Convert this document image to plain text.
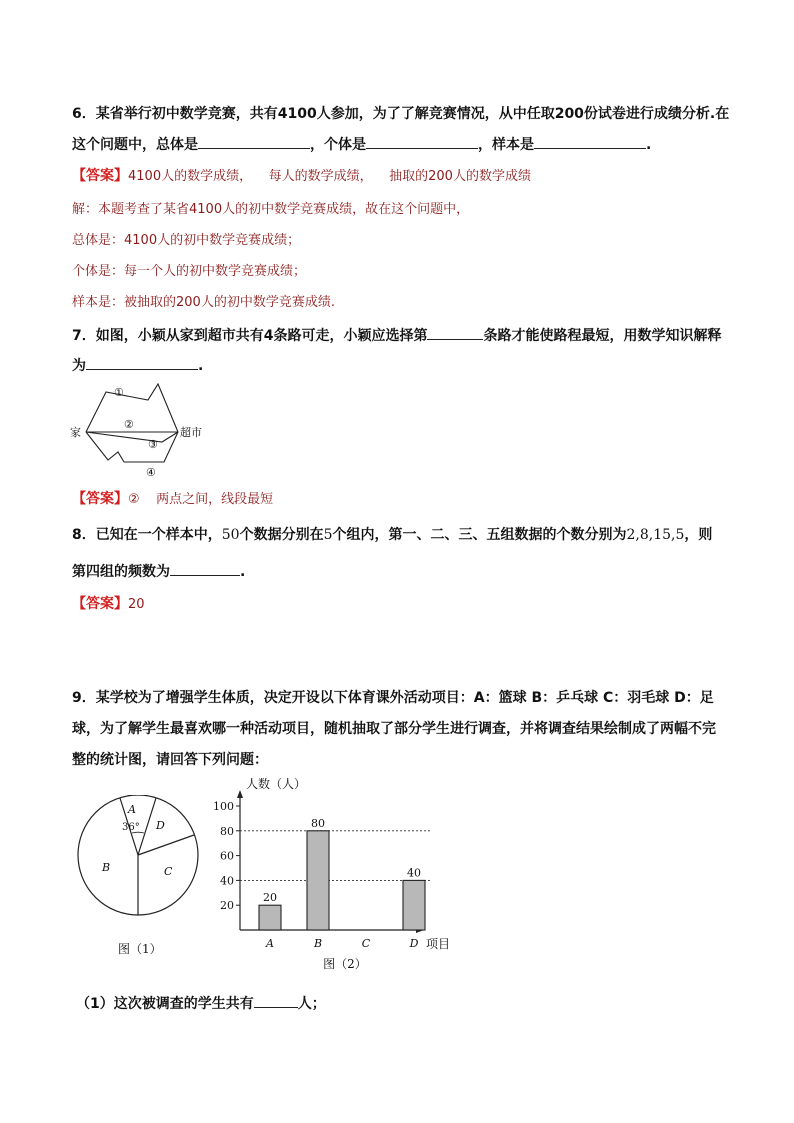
6．某省举行初中数学竞赛，共有4100人参加，为了了解竞赛情况，从中任取200份试卷进行成绩分析.在
这个问题中，总体是	，个体是	，样本是	.
【答案】4100人的数学成绩，    每人的数学成绩，    抽取的200人的数学成绩
解：本题考查了某省4100人的初中数学竞赛成绩，故在这个问题中，
总体是：4100人的初中数学竞赛成绩；
个体是：每一个人的初中数学竞赛成绩；
样本是：被抽取的200人的初中数学竞赛成绩.
7．如图，小颖从家到超市共有4条路可走，小颖应选择第	条路才能使路程最短，用数学知识解释
为	.
家	超市
①
②
③
④
【答案】②    两点之间，线段最短
8．已知在一个样本中，50个数据分别在5个组内，第一、二、三、五组数据的个数分别为2,8,15,5，则
第四组的频数为	.
【答案】20
9．某学校为了增强学生体质，决定开设以下体育课外活动项目：A：篮球 B：乒乓球 C：羽毛球 D：足
球，为了解学生最喜欢哪一种活动项目，随机抽取了部分学生进行调查，并将调查结果绘制成了两幅不完
整的统计图，请回答下列问题：
A
36°
B	C
D
图（1）
20
40
60
80
100
20
A
80
B	C
40
D
人数（人）
项目
图（2）
（1）这次被调查的学生共有	人；
